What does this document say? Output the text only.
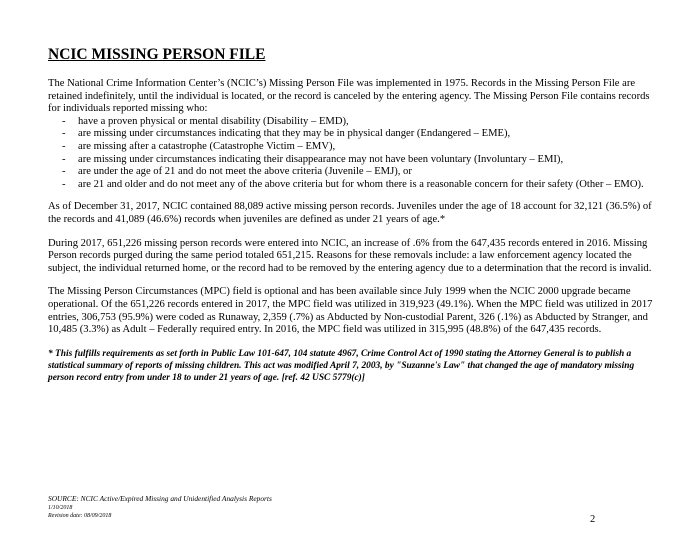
NCIC MISSING PERSON FILE

The National Crime Information Center’s (NCIC’s) Missing Person File was implemented in 1975. Records in the Missing Person File are retained indefinitely, until the individual is located, or the record is canceled by the entering agency. The Missing Person File contains records for individuals reported missing who:

- have a proven physical or mental disability (Disability – EMD),
- are missing under circumstances indicating that they may be in physical danger (Endangered – EME),
- are missing after a catastrophe (Catastrophe Victim – EMV),
- are missing under circumstances indicating their disappearance may not have been voluntary (Involuntary – EMI),
- are under the age of 21 and do not meet the above criteria (Juvenile – EMJ), or
- are 21 and older and do not meet any of the above criteria but for whom there is a reasonable concern for their safety (Other – EMO).

As of December 31, 2017, NCIC contained 88,089 active missing person records. Juveniles under the age of 18 account for 32,121 (36.5%) of the records and 41,089 (46.6%) records when juveniles are defined as under 21 years of age.*

During 2017, 651,226 missing person records were entered into NCIC, an increase of .6% from the 647,435 records entered in 2016. Missing Person records purged during the same period totaled 651,215. Reasons for these removals include: a law enforcement agency located the subject, the individual returned home, or the record had to be removed by the entering agency due to a determination that the record is invalid.

The Missing Person Circumstances (MPC) field is optional and has been available since July 1999 when the NCIC 2000 upgrade became operational. Of the 651,226 records entered in 2017, the MPC field was utilized in 319,923 (49.1%). When the MPC field was utilized in 2017 entries, 306,753 (95.9%) were coded as Runaway, 2,359 (.7%) as Abducted by Non-custodial Parent, 326 (.1%) as Abducted by Stranger, and 10,485 (3.3%) as Adult – Federally required entry. In 2016, the MPC field was utilized in 315,995 (48.8%) of the 647,435 records.

* This fulfills requirements as set forth in Public Law 101-647, 104 statute 4967, Crime Control Act of 1990 stating the Attorney General is to publish a statistical summary of reports of missing children. This act was modified April 7, 2003, by "Suzanne's Law" that changed the age of mandatory missing person record entry from under 18 to under 21 years of age. [ref. 42 USC 5779(c)]

SOURCE: NCIC Active/Expired Missing and Unidentified Analysis Reports
1/10/2018
Revision date: 08/09/2018	2
